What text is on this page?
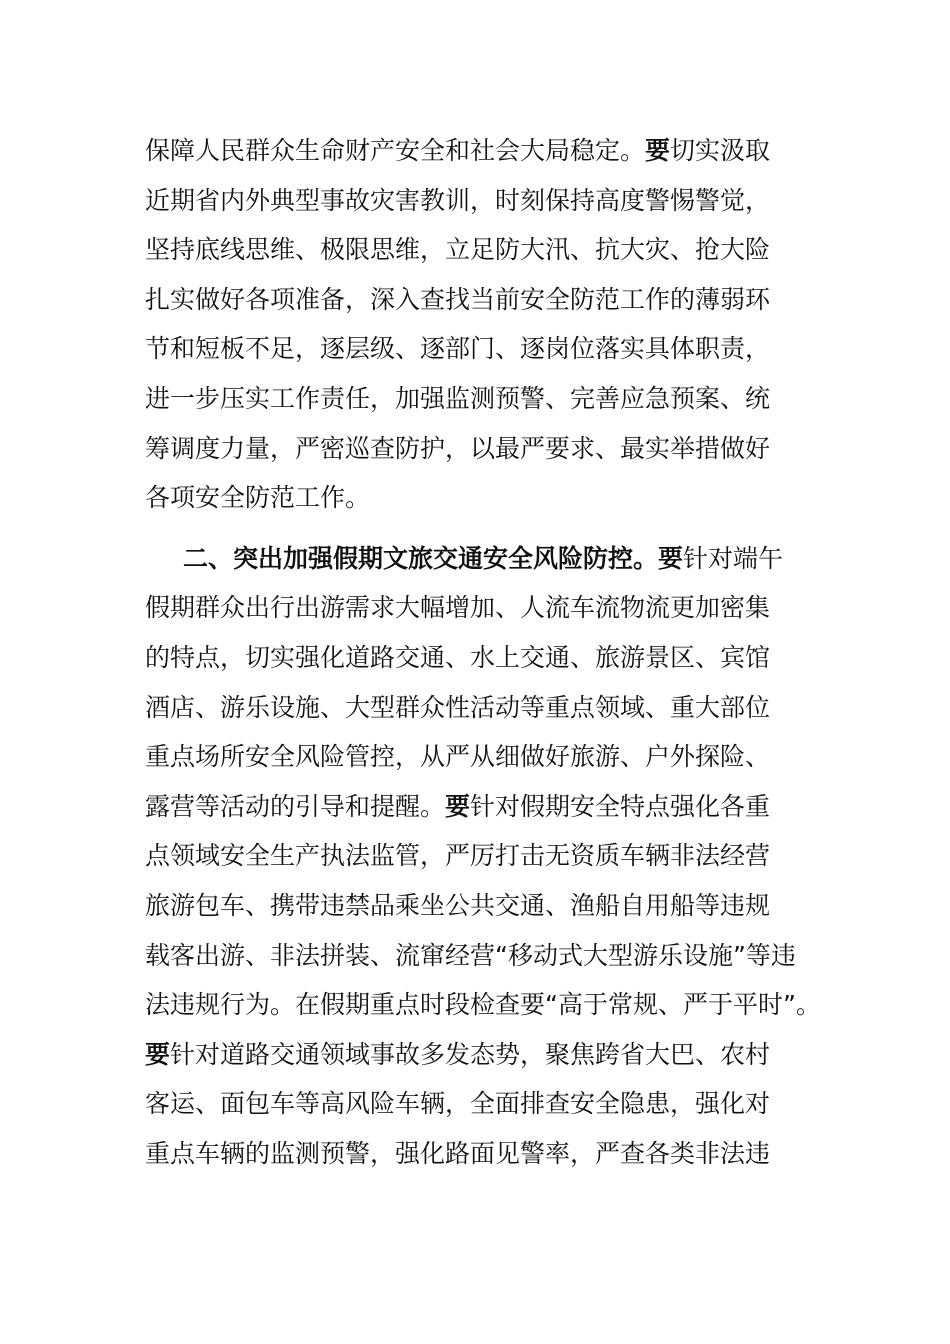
保障人民群众生命财产安全和社会大局稳定。要切实汲取
近期省内外典型事故灾害教训，时刻保持高度警惕警觉，
坚持底线思维、极限思维，立足防大汛、抗大灾、抢大险
扎实做好各项准备，深入查找当前安全防范工作的薄弱环
节和短板不足，逐层级、逐部门、逐岗位落实具体职责，
进一步压实工作责任，加强监测预警、完善应急预案、统
筹调度力量，严密巡查防护，以最严要求、最实举措做好
各项安全防范工作。
二、突出加强假期文旅交通安全风险防控。要针对端午
假期群众出行出游需求大幅增加、人流车流物流更加密集
的特点，切实强化道路交通、水上交通、旅游景区、宾馆
酒店、游乐设施、大型群众性活动等重点领域、重大部位
重点场所安全风险管控，从严从细做好旅游、户外探险、
露营等活动的引导和提醒。要针对假期安全特点强化各重
点领域安全生产执法监管，严厉打击无资质车辆非法经营
旅游包车、携带违禁品乘坐公共交通、渔船自用船等违规
载客出游、非法拼装、流窜经营“移动式大型游乐设施”等违
法违规行为。在假期重点时段检查要“高于常规、严于平时”。
要针对道路交通领域事故多发态势，聚焦跨省大巴、农村
客运、面包车等高风险车辆，全面排查安全隐患，强化对
重点车辆的监测预警，强化路面见警率，严查各类非法违
